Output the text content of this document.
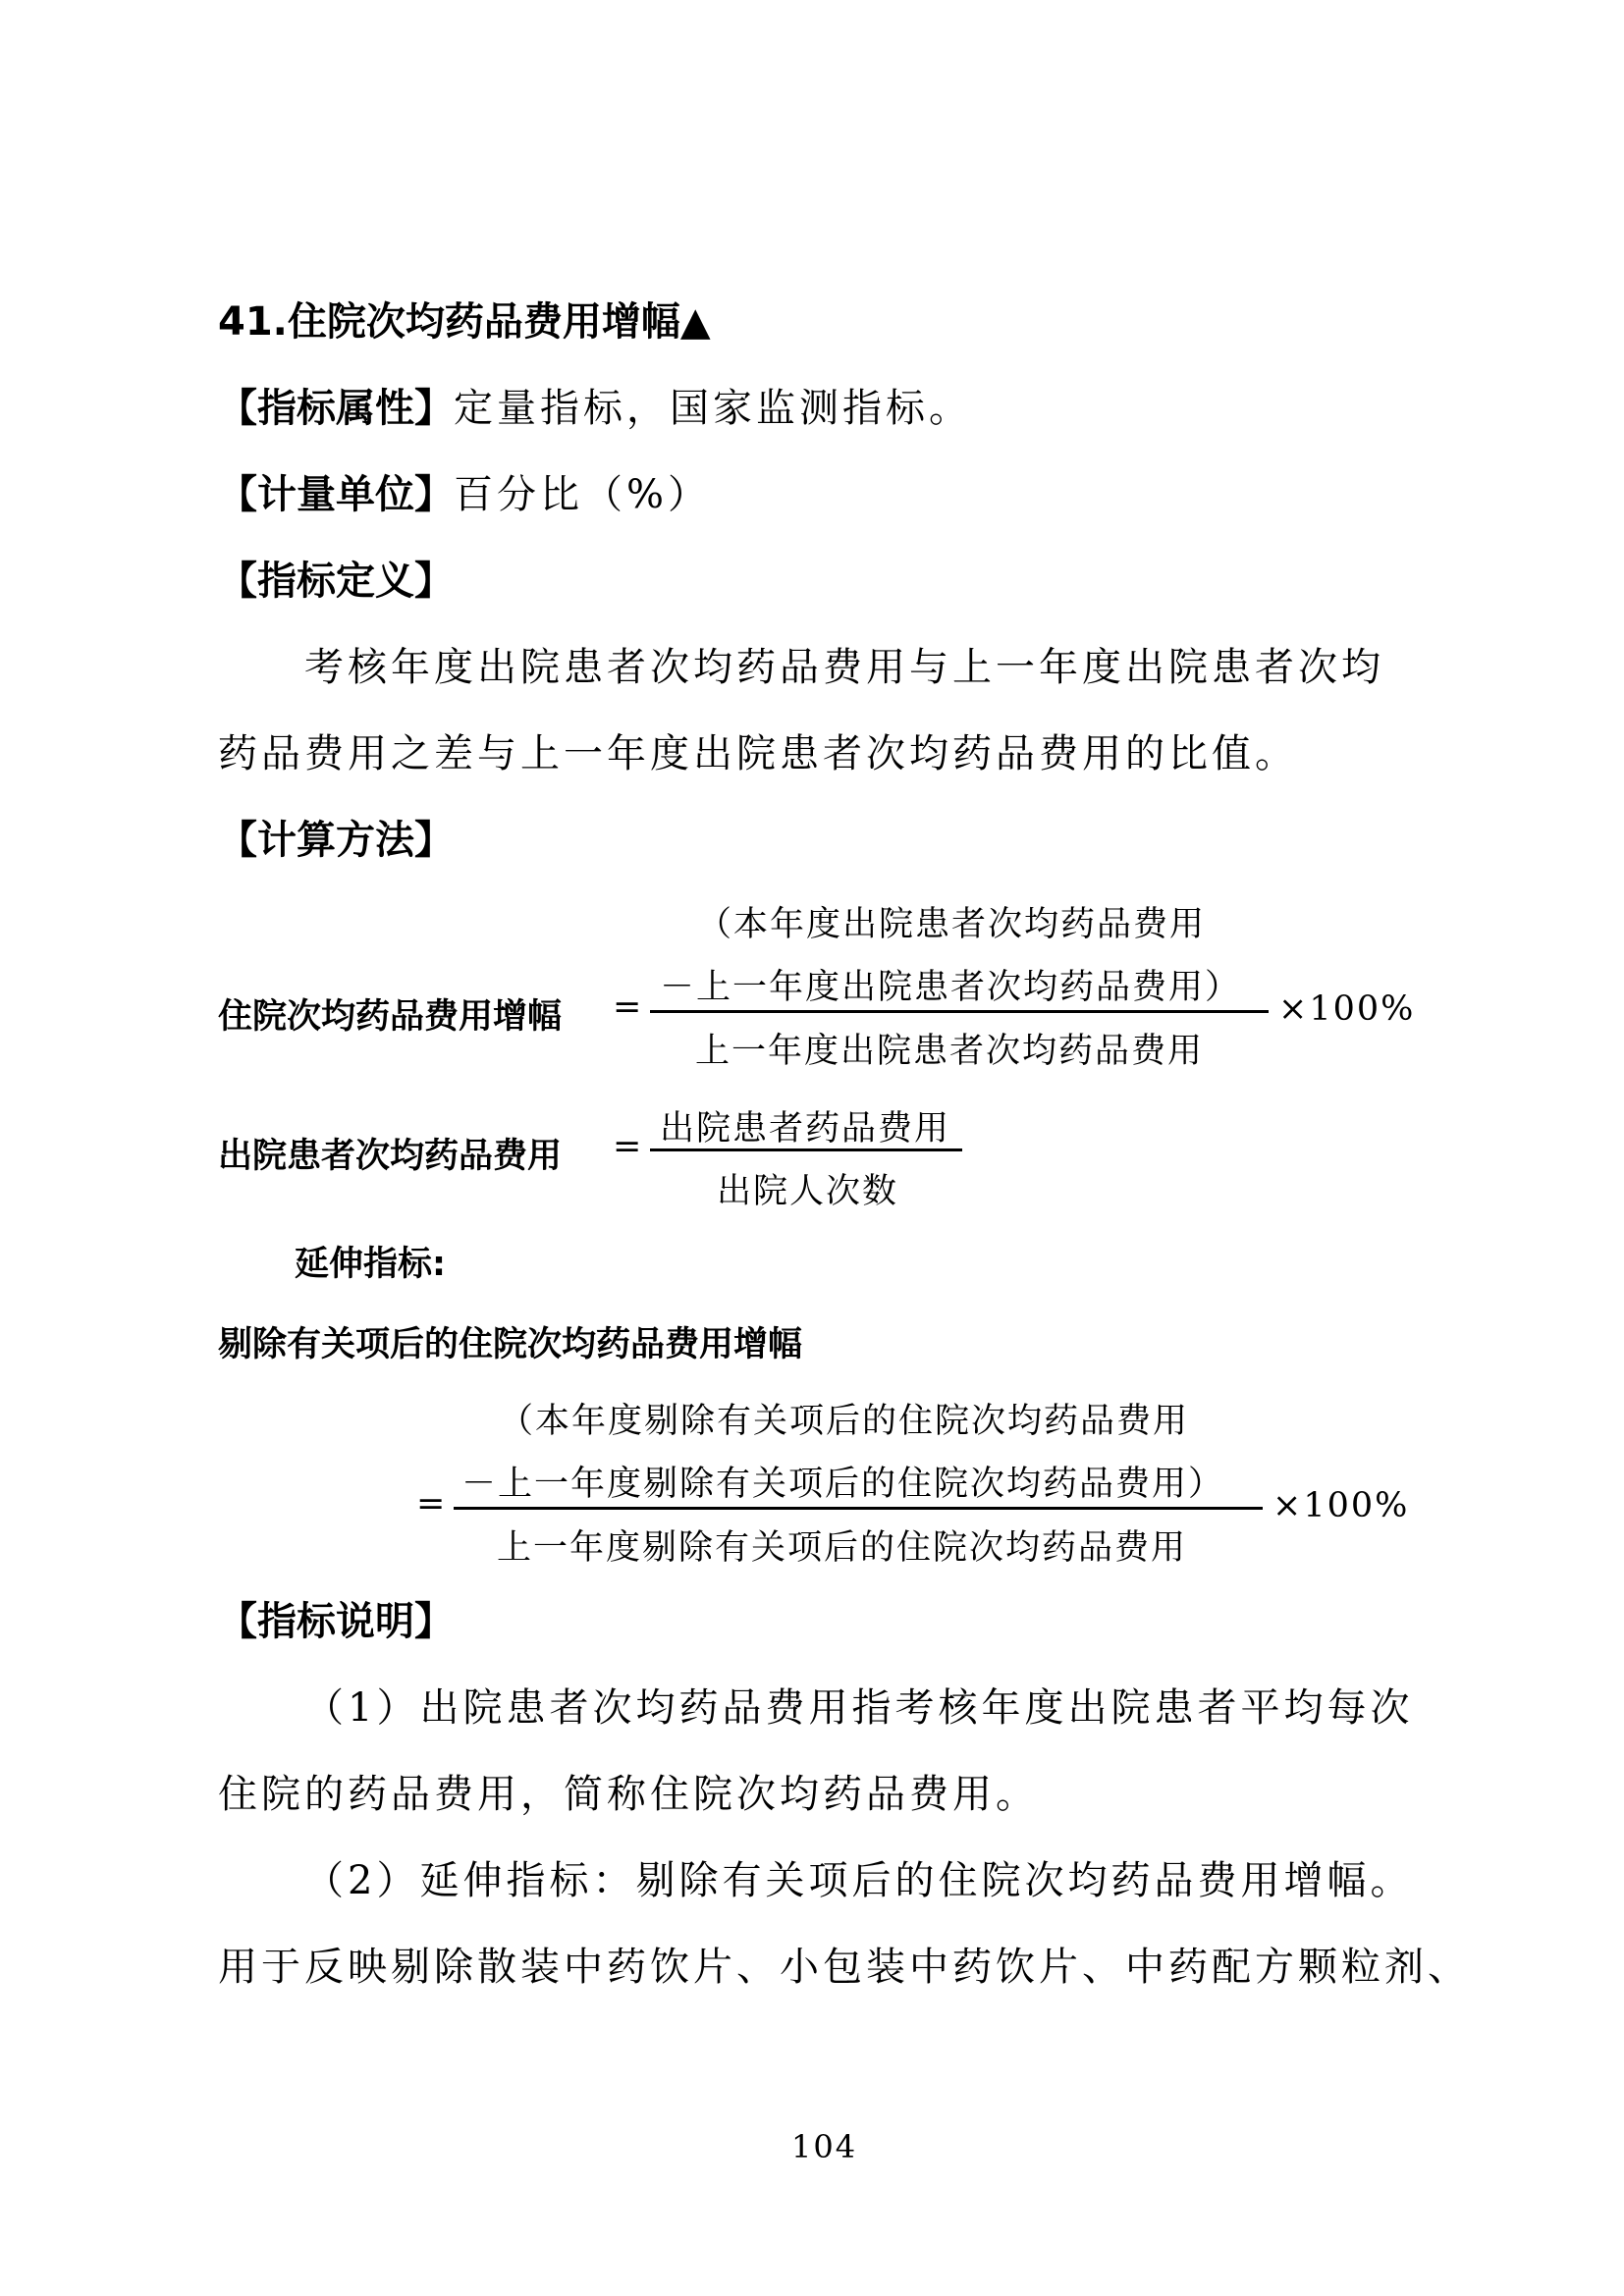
41.住院次均药品费用增幅▲
【指标属性】定量指标，国家监测指标。
【计量单位】百分比（%）
【指标定义】
考核年度出院患者次均药品费用与上一年度出院患者次均
药品费用之差与上一年度出院患者次均药品费用的比值。
【计算方法】
（本年度出院患者次均药品费用
－上一年度出院患者次均药品费用）
住院次均药品费用增幅 =	×100%
上一年度出院患者次均药品费用
出院患者药品费用
出院患者次均药品费用 =
出院人次数
延伸指标:
剔除有关项后的住院次均药品费用增幅
（本年度剔除有关项后的住院次均药品费用
－上一年度剔除有关项后的住院次均药品费用）
=	×100%
上一年度剔除有关项后的住院次均药品费用
【指标说明】
（1）出院患者次均药品费用指考核年度出院患者平均每次
住院的药品费用，简称住院次均药品费用。
（2）延伸指标：剔除有关项后的住院次均药品费用增幅。
用于反映剔除散装中药饮片、小包装中药饮片、中药配方颗粒剂、
104
